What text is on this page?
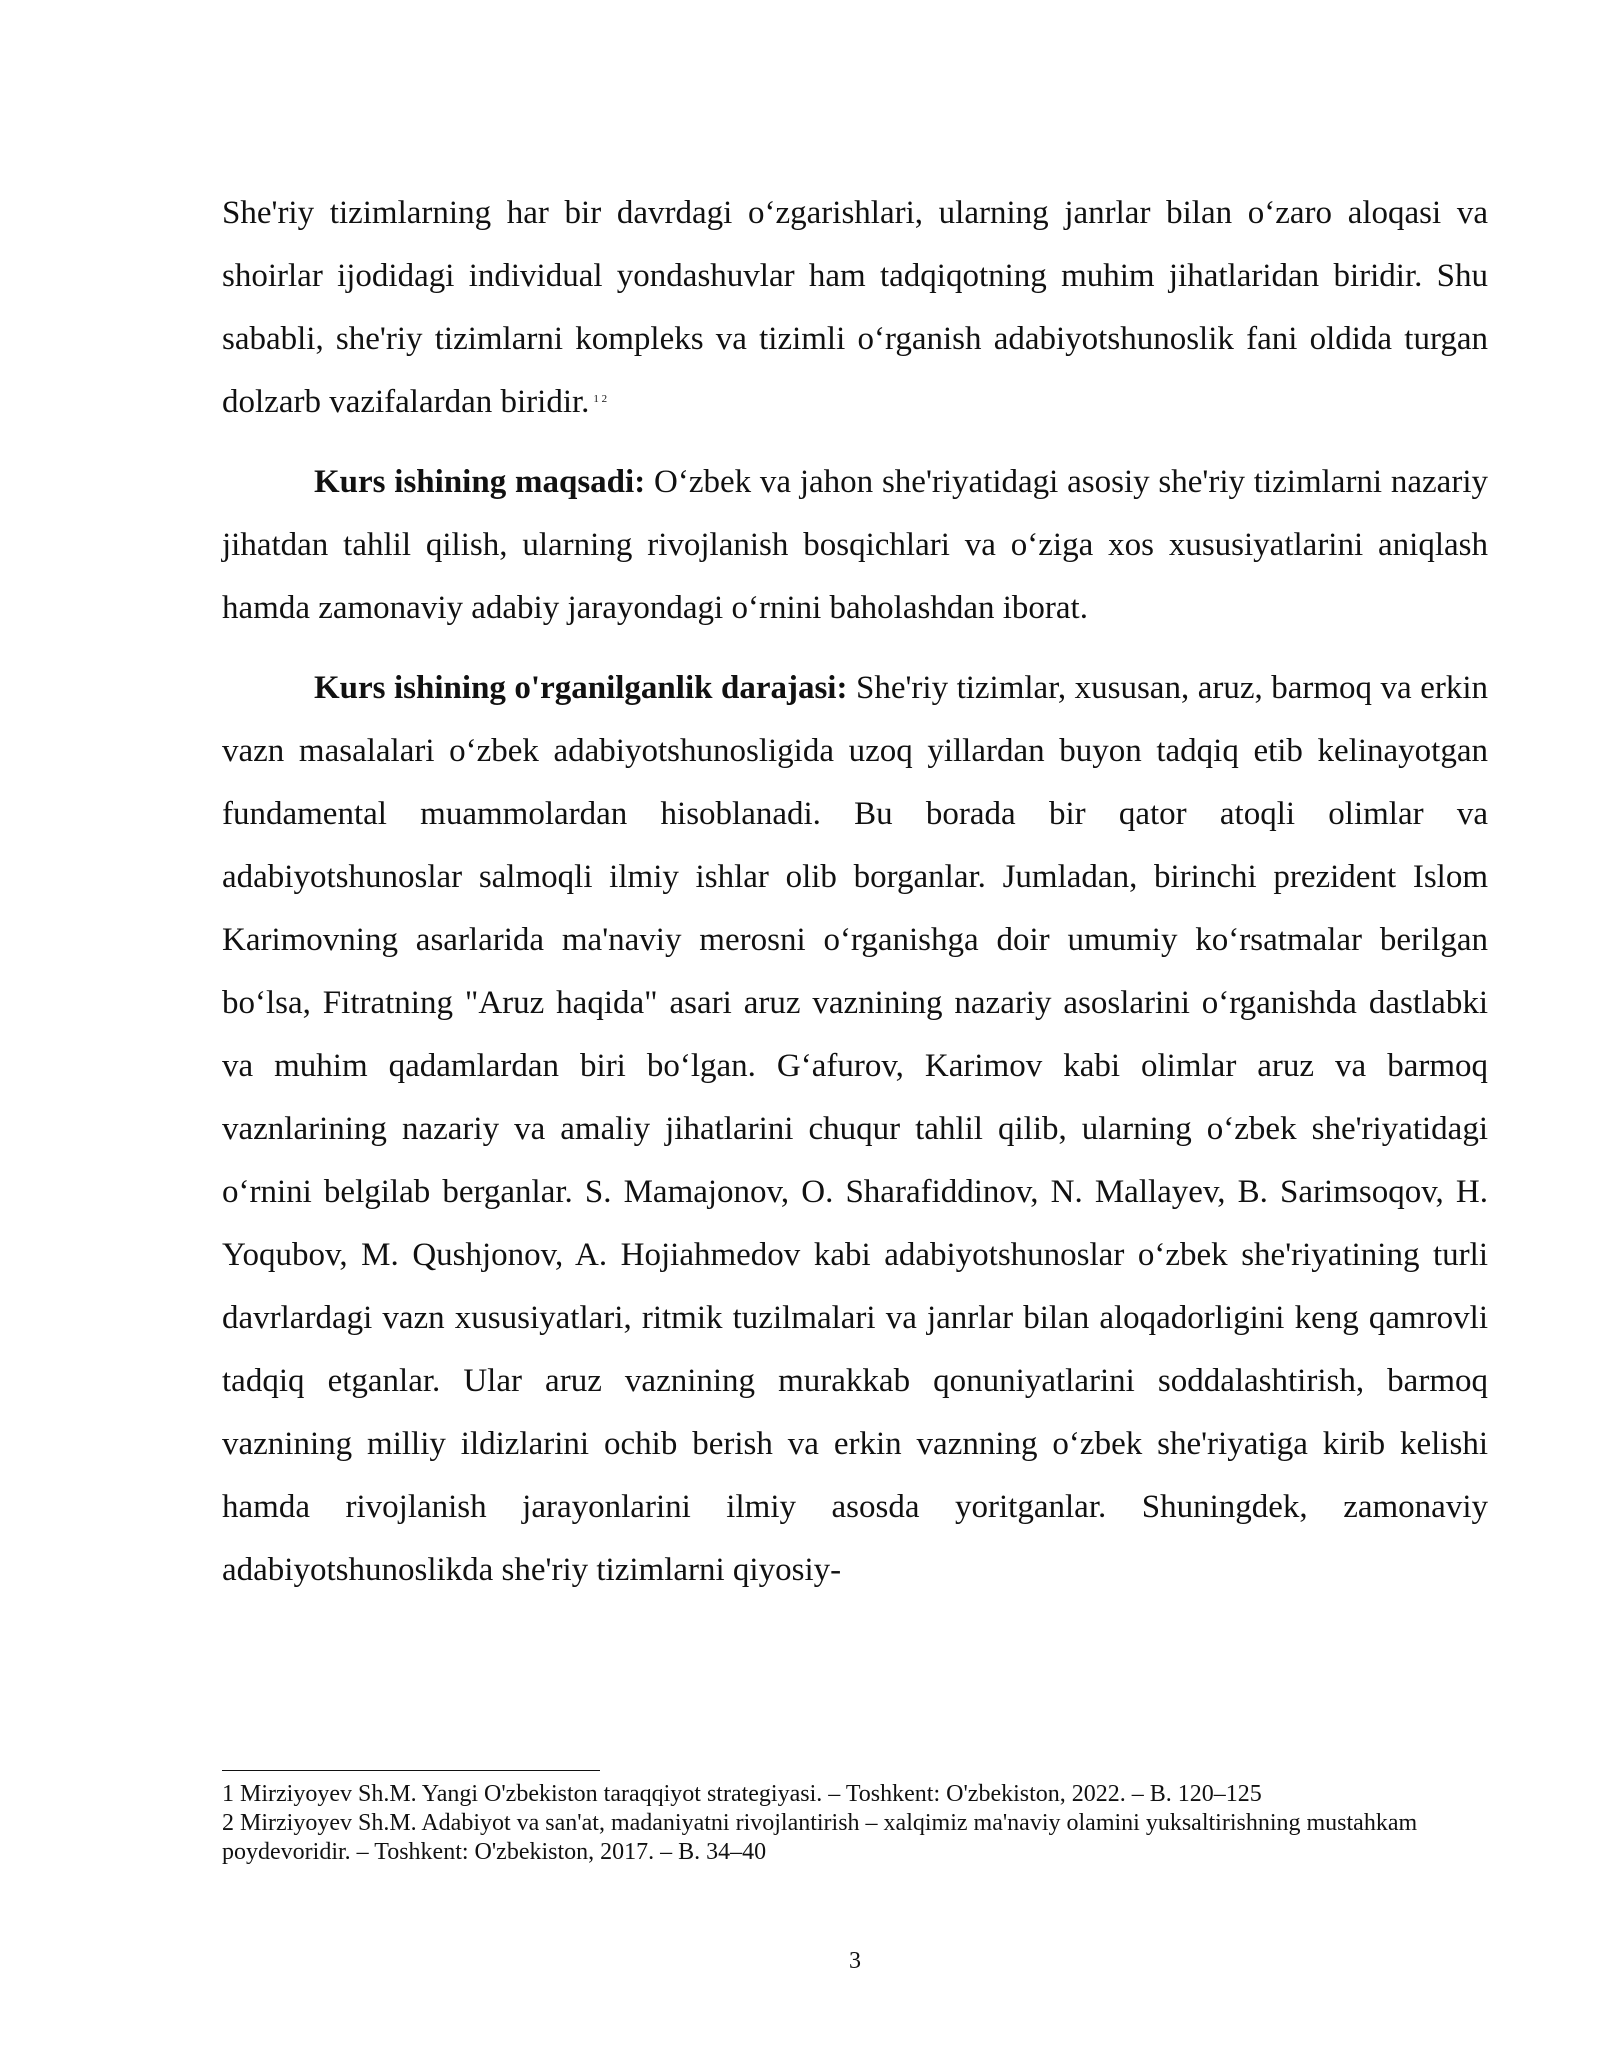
She'riy tizimlarning har bir davrdagi o‘zgarishlari, ularning janrlar bilan o‘zaro aloqasi va shoirlar ijodidagi individual yondashuvlar ham tadqiqotning muhim jihatlaridan biridir. Shu sababli, she'riy tizimlarni kompleks va tizimli o‘rganish adabiyotshunoslik fani oldida turgan dolzarb vazifalardan biridir. $^{1 2}$

Kurs ishining maqsadi: O‘zbek va jahon she'riyatidagi asosiy she'riy tizimlarni nazariy jihatdan tahlil qilish, ularning rivojlanish bosqichlari va o‘ziga xos xususiyatlarini aniqlash hamda zamonaviy adabiy jarayondagi o‘rnini baholashdan iborat.

Kurs ishining o'rganilganlik darajasi: She'riy tizimlar, xususan, aruz, barmoq va erkin vazn masalalari o‘zbek adabiyotshunosligida uzoq yillardan buyon tadqiq etib kelinayotgan fundamental muammolardan hisoblanadi. Bu borada bir qator atoqli olimlar va adabiyotshunoslar salmoqli ilmiy ishlar olib borganlar. Jumladan, birinchi prezident Islom Karimovning asarlarida ma'naviy merosni o‘rganishga doir umumiy ko‘rsatmalar berilgan bo‘lsa, Fitratning "Aruz haqida" asari aruz vaznining nazariy asoslarini o‘rganishda dastlabki va muhim qadamlardan biri bo‘lgan. G‘afurov, Karimov kabi olimlar aruz va barmoq vaznlarining nazariy va amaliy jihatlarini chuqur tahlil qilib, ularning o‘zbek she'riyatidagi o‘rnini belgilab berganlar. S. Mamajonov, O. Sharafiddinov, N. Mallayev, B. Sarimsoqov, H. Yoqubov, M. Qushjonov, A. Hojiahmedov kabi adabiyotshunoslar o‘zbek she'riyatining turli davrlardagi vazn xususiyatlari, ritmik tuzilmalari va janrlar bilan aloqadorligini keng qamrovli tadqiq etganlar. Ular aruz vaznining murakkab qonuniyatlarini soddalashtirish, barmoq vaznining milliy ildizlarini ochib berish va erkin vaznning o‘zbek she'riyatiga kirib kelishi hamda rivojlanish jarayonlarini ilmiy asosda yoritganlar. Shuningdek, zamonaviy adabiyotshunoslikda she'riy tizimlarni qiyosiy-

1 Mirziyoyev Sh.M. Yangi O'zbekiston taraqqiyot strategiyasi. – Toshkent: O'zbekiston, 2022. – B. 120–125

2 Mirziyoyev Sh.M. Adabiyot va san'at, madaniyatni rivojlantirish – xalqimiz ma'naviy olamini yuksaltirishning mustahkam poydevoridir. – Toshkent: O'zbekiston, 2017. – B. 34–40

3
